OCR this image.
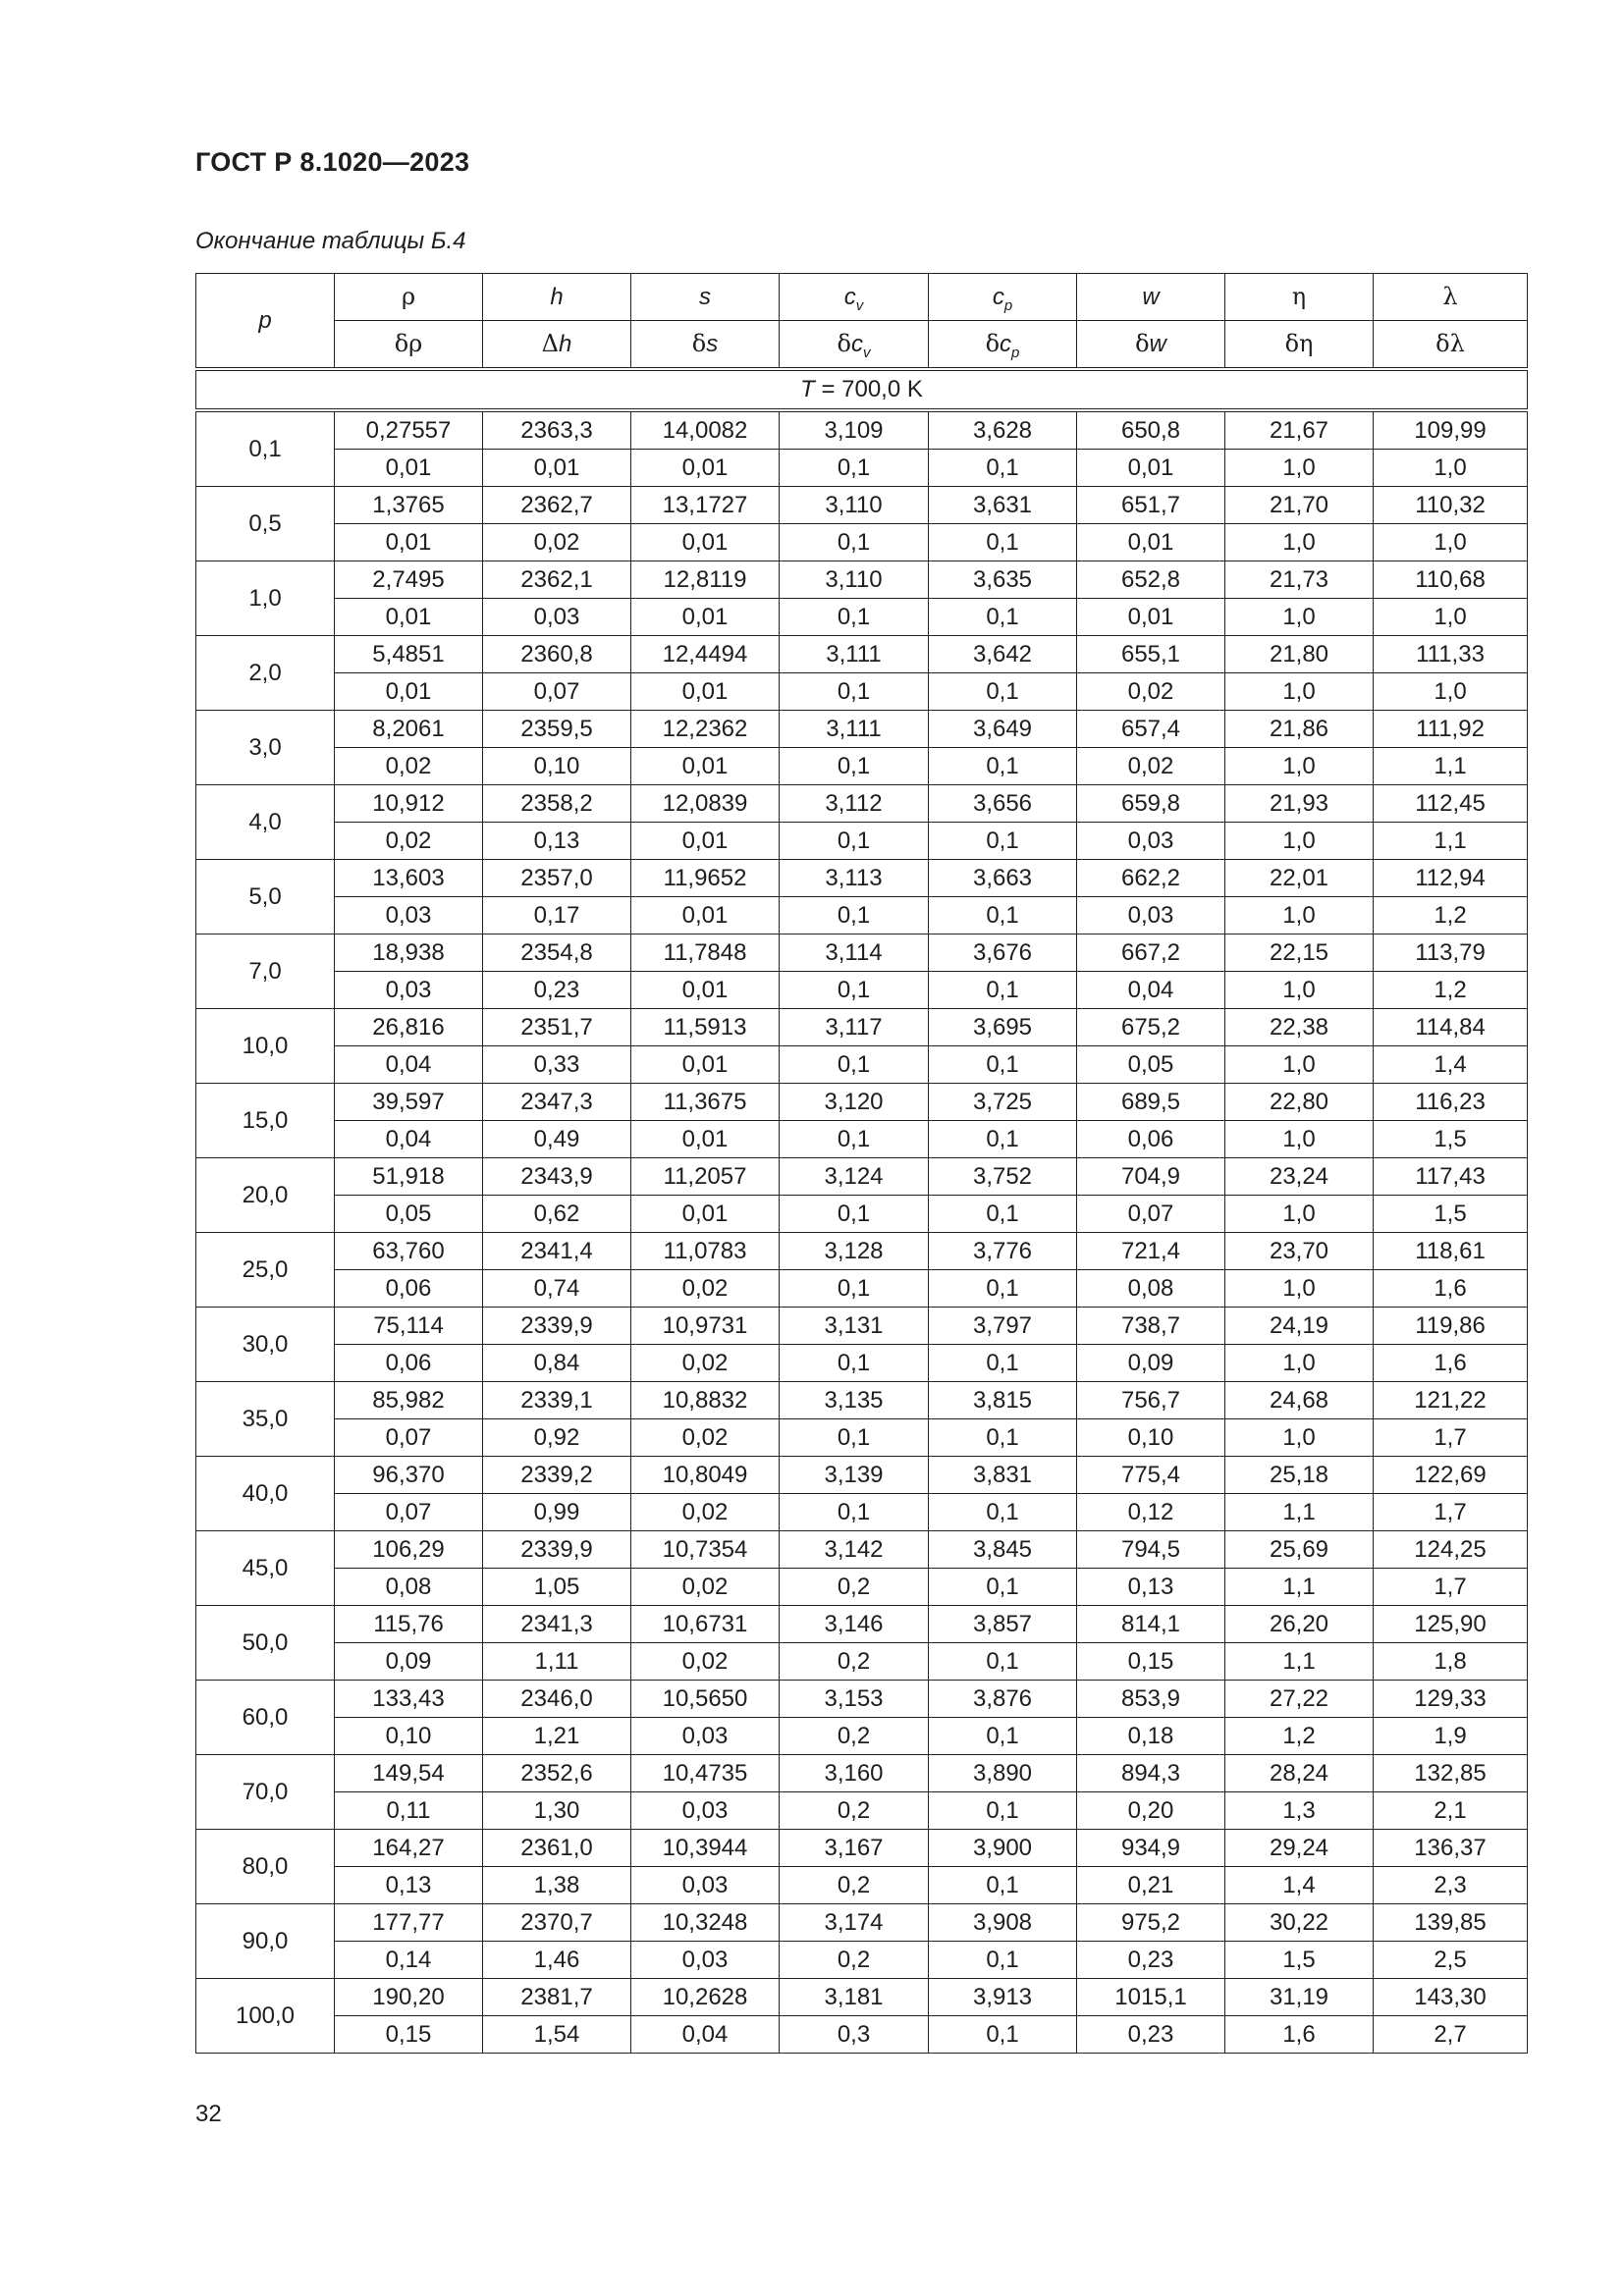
ГОСТ Р 8.1020—2023
Окончание таблицы Б.4
p	ρ	h	s	$c_v$	$c_p$	w	η	λ
	δρ	Δh	δs	$\delta c_v$	$\delta c_p$	δw	δη	δλ
T = 700,0 K								
0,1	0,27557	2363,3	14,0082	3,109	3,628	650,8	21,67	109,99
	0,01	0,01	0,01	0,1	0,1	0,01	1,0	1,0
0,5	1,3765	2362,7	13,1727	3,110	3,631	651,7	21,70	110,32
	0,01	0,02	0,01	0,1	0,1	0,01	1,0	1,0
1,0	2,7495	2362,1	12,8119	3,110	3,635	652,8	21,73	110,68
	0,01	0,03	0,01	0,1	0,1	0,01	1,0	1,0
2,0	5,4851	2360,8	12,4494	3,111	3,642	655,1	21,80	111,33
	0,01	0,07	0,01	0,1	0,1	0,02	1,0	1,0
3,0	8,2061	2359,5	12,2362	3,111	3,649	657,4	21,86	111,92
	0,02	0,10	0,01	0,1	0,1	0,02	1,0	1,1
4,0	10,912	2358,2	12,0839	3,112	3,656	659,8	21,93	112,45
	0,02	0,13	0,01	0,1	0,1	0,03	1,0	1,1
5,0	13,603	2357,0	11,9652	3,113	3,663	662,2	22,01	112,94
	0,03	0,17	0,01	0,1	0,1	0,03	1,0	1,2
7,0	18,938	2354,8	11,7848	3,114	3,676	667,2	22,15	113,79
	0,03	0,23	0,01	0,1	0,1	0,04	1,0	1,2
10,0	26,816	2351,7	11,5913	3,117	3,695	675,2	22,38	114,84
	0,04	0,33	0,01	0,1	0,1	0,05	1,0	1,4
15,0	39,597	2347,3	11,3675	3,120	3,725	689,5	22,80	116,23
	0,04	0,49	0,01	0,1	0,1	0,06	1,0	1,5
20,0	51,918	2343,9	11,2057	3,124	3,752	704,9	23,24	117,43
	0,05	0,62	0,01	0,1	0,1	0,07	1,0	1,5
25,0	63,760	2341,4	11,0783	3,128	3,776	721,4	23,70	118,61
	0,06	0,74	0,02	0,1	0,1	0,08	1,0	1,6
30,0	75,114	2339,9	10,9731	3,131	3,797	738,7	24,19	119,86
	0,06	0,84	0,02	0,1	0,1	0,09	1,0	1,6
35,0	85,982	2339,1	10,8832	3,135	3,815	756,7	24,68	121,22
	0,07	0,92	0,02	0,1	0,1	0,10	1,0	1,7
40,0	96,370	2339,2	10,8049	3,139	3,831	775,4	25,18	122,69
	0,07	0,99	0,02	0,1	0,1	0,12	1,1	1,7
45,0	106,29	2339,9	10,7354	3,142	3,845	794,5	25,69	124,25
	0,08	1,05	0,02	0,2	0,1	0,13	1,1	1,7
50,0	115,76	2341,3	10,6731	3,146	3,857	814,1	26,20	125,90
	0,09	1,11	0,02	0,2	0,1	0,15	1,1	1,8
60,0	133,43	2346,0	10,5650	3,153	3,876	853,9	27,22	129,33
	0,10	1,21	0,03	0,2	0,1	0,18	1,2	1,9
70,0	149,54	2352,6	10,4735	3,160	3,890	894,3	28,24	132,85
	0,11	1,30	0,03	0,2	0,1	0,20	1,3	2,1
80,0	164,27	2361,0	10,3944	3,167	3,900	934,9	29,24	136,37
	0,13	1,38	0,03	0,2	0,1	0,21	1,4	2,3
90,0	177,77	2370,7	10,3248	3,174	3,908	975,2	30,22	139,85
	0,14	1,46	0,03	0,2	0,1	0,23	1,5	2,5
100,0	190,20	2381,7	10,2628	3,181	3,913	1015,1	31,19	143,30
	0,15	1,54	0,04	0,3	0,1	0,23	1,6	2,7
32
